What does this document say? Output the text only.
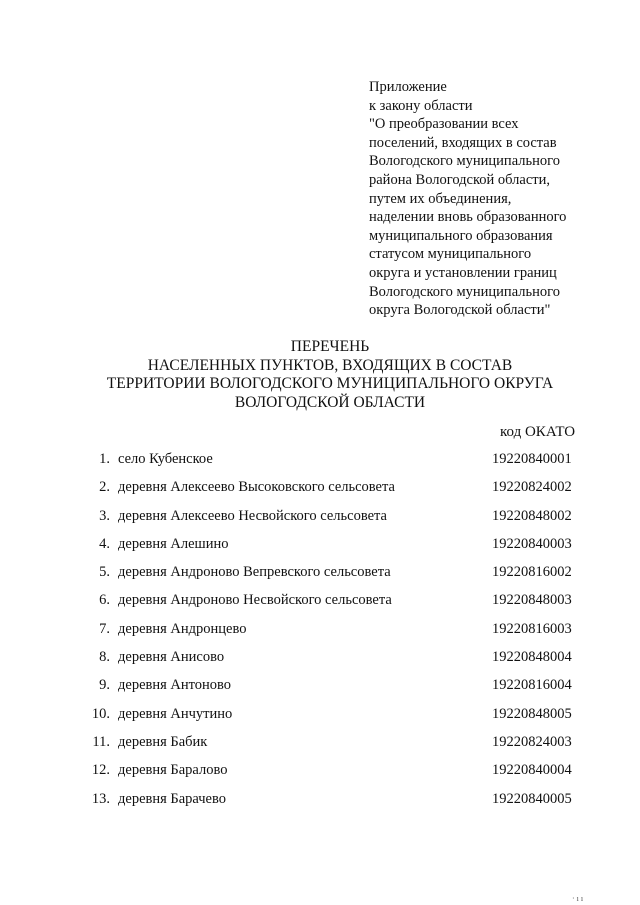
Приложение
к закону области
"О преобразовании всех
поселений, входящих в состав
Вологодского муниципального
района Вологодской области,
путем их объединения,
наделении вновь образованного
муниципального образования
статусом муниципального
округа и установлении границ
Вологодского муниципального
округа Вологодской области"
ПЕРЕЧЕНЬ
НАСЕЛЕННЫХ ПУНКТОВ, ВХОДЯЩИХ В СОСТАВ
ТЕРРИТОРИИ ВОЛОГОДСКОГО МУНИЦИПАЛЬНОГО ОКРУГА
ВОЛОГОДСКОЙ ОБЛАСТИ
код ОКАТО
1. село Кубенское	19220840001
2. деревня Алексеево Высоковского сельсовета	19220824002
3. деревня Алексеево Несвойского сельсовета	19220848002
4. деревня Алешино	19220840003
5. деревня Андроново Вепревского сельсовета	19220816002
6. деревня Андроново Несвойского сельсовета	19220848003
7. деревня Андронцево	19220816003
8. деревня Анисово	19220848004
9. деревня Антоново	19220816004
10. деревня Анчутино	19220848005
11. деревня Бабик	19220824003
12. деревня Баралово	19220840004
13. деревня Барачево	19220840005
· ı ı
